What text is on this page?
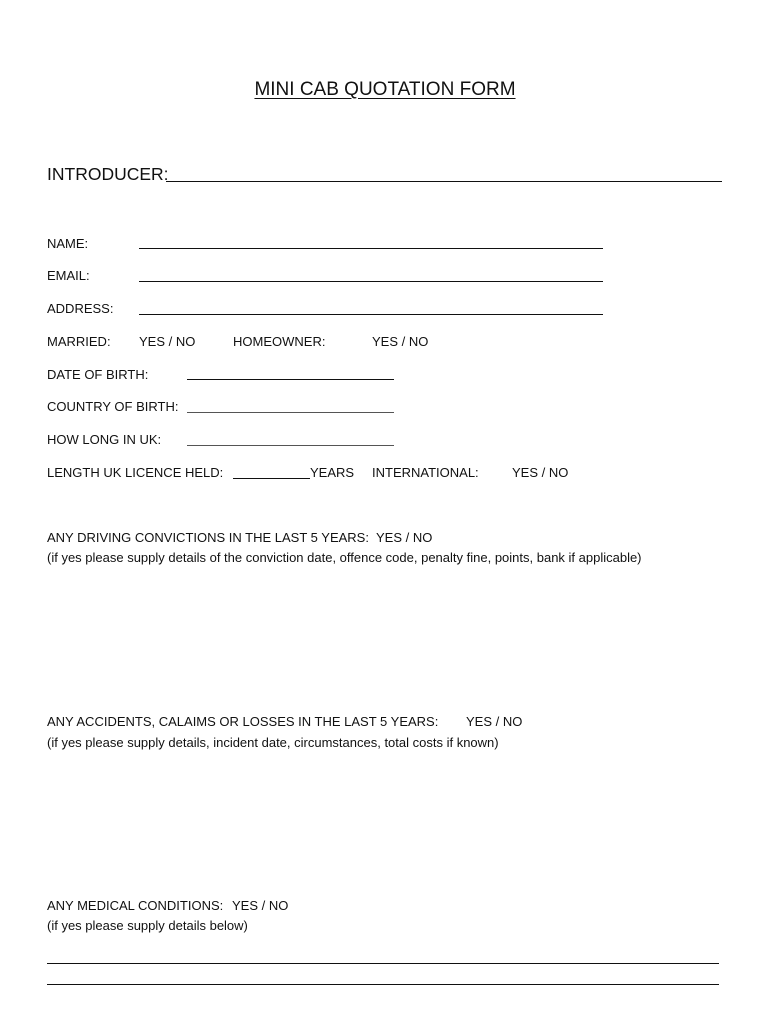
MINI CAB QUOTATION FORM
INTRODUCER:
NAME:
EMAIL:
ADDRESS:
MARRIED: YES / NO	HOMEOWNER:	YES / NO
DATE OF BIRTH:
COUNTRY OF BIRTH:
HOW LONG IN UK:
LENGTH UK LICENCE HELD:	YEARS INTERNATIONAL:	YES / NO
ANY DRIVING CONVICTIONS IN THE LAST 5 YEARS: YES / NO
(if yes please supply details of the conviction date, offence code, penalty fine, points, bank if applicable)
ANY ACCIDENTS, CALAIMS OR LOSSES IN THE LAST 5 YEARS: YES / NO
(if yes please supply details, incident date, circumstances, total costs if known)
ANY MEDICAL CONDITIONS: YES / NO
(if yes please supply details below)
